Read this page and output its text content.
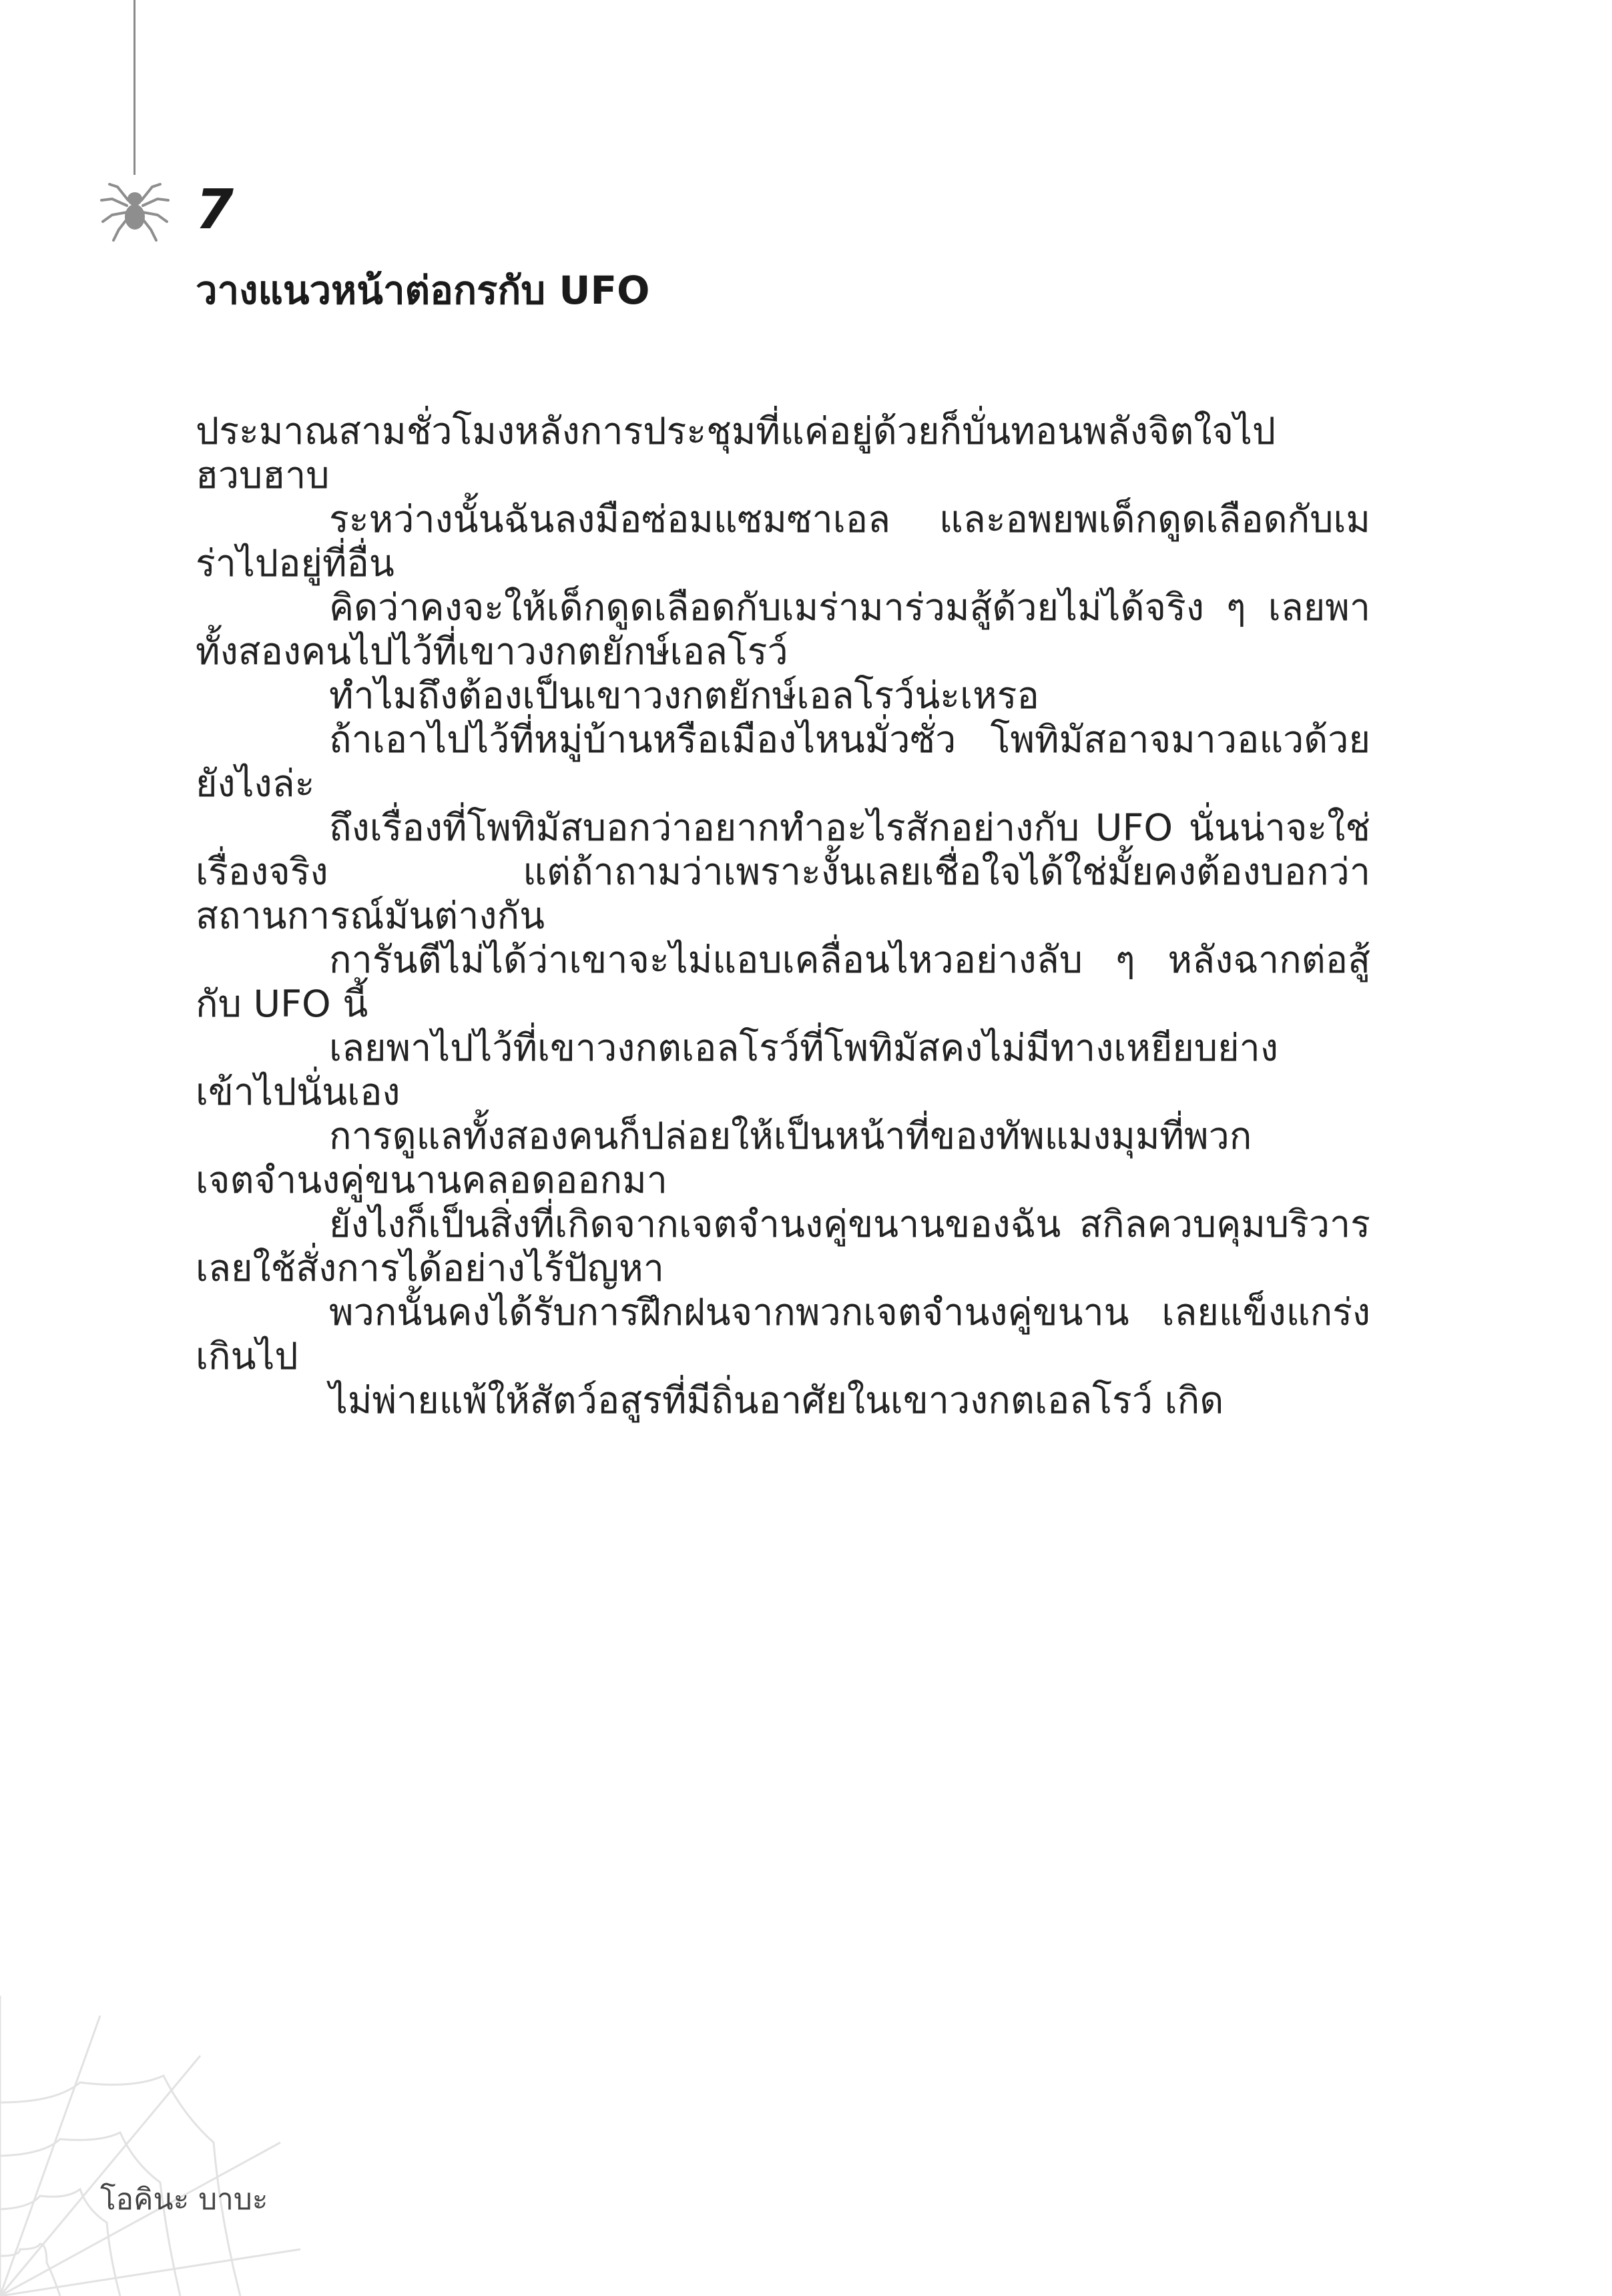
7
วางแนวหน้าต่อกรกับ UFO

ประมาณสามชั่วโมงหลังการประชุมที่แค่อยู่ด้วยก็บั่นทอนพลังจิตใจไปฮวบฮาบ

ระหว่างนั้นฉันลงมือซ่อมแซมซาเอล และอพยพเด็กดูดเลือดกับเมร่าไปอยู่ที่อื่น

คิดว่าคงจะให้เด็กดูดเลือดกับเมร่ามาร่วมสู้ด้วยไม่ได้จริง ๆ เลยพาทั้งสองคนไปไว้ที่เขาวงกตยักษ์เอลโรว์

ทำไมถึงต้องเป็นเขาวงกตยักษ์เอลโรว์น่ะเหรอ

ถ้าเอาไปไว้ที่หมู่บ้านหรือเมืองไหนมั่วซั่ว โพทิมัสอาจมาวอแวด้วยยังไงล่ะ

ถึงเรื่องที่โพทิมัสบอกว่าอยากทำอะไรสักอย่างกับ UFO นั่นน่าจะใช่เรื่องจริง แต่ถ้าถามว่าเพราะงั้นเลยเชื่อใจได้ใช่มั้ยคงต้องบอกว่าสถานการณ์มันต่างกัน

การันตีไม่ได้ว่าเขาจะไม่แอบเคลื่อนไหวอย่างลับ ๆ หลังฉากต่อสู้กับ UFO นี้

เลยพาไปไว้ที่เขาวงกตเอลโรว์ที่โพทิมัสคงไม่มีทางเหยียบย่างเข้าไปนั่นเอง

การดูแลทั้งสองคนก็ปล่อยให้เป็นหน้าที่ของทัพแมงมุมที่พวกเจตจำนงคู่ขนานคลอดออกมา

ยังไงก็เป็นสิ่งที่เกิดจากเจตจำนงคู่ขนานของฉัน สกิลควบคุมบริวารเลยใช้สั่งการได้อย่างไร้ปัญหา

พวกนั้นคงได้รับการฝึกฝนจากพวกเจตจำนงคู่ขนาน เลยแข็งแกร่งเกินไป

ไม่พ่ายแพ้ให้สัตว์อสูรที่มีถิ่นอาศัยในเขาวงกตเอลโรว์ เกิด

โอคินะ บาบะ
